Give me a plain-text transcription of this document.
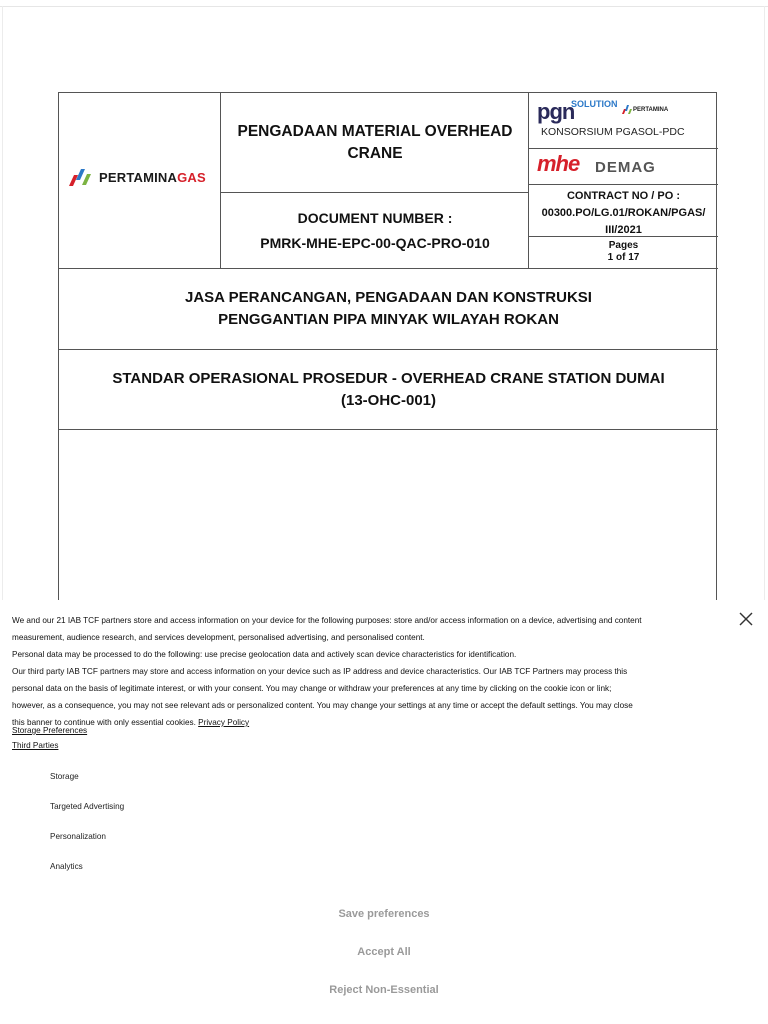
PERTAMINAGAS
PENGADAAN MATERIAL OVERHEAD CRANE
DOCUMENT NUMBER :
PMRK-MHE-EPC-00-QAC-PRO-010
pgn
SOLUTION
PERTAMINA
KONSORSIUM PGASOL-PDC
mhe DEMAG
CONTRACT NO / PO :
00300.PO/LG.01/ROKAN/PGAS/
III/2021
Pages
1 of 17
JASA PERANCANGAN, PENGADAAN DAN KONSTRUKSI
PENGGANTIAN PIPA MINYAK WILAYAH ROKAN
STANDAR OPERASIONAL PROSEDUR - OVERHEAD CRANE STATION DUMAI
(13-OHC-001)
We and our 21 IAB TCF partners store and access information on your device for the following purposes: store and/or access information on a device, advertising and content
measurement, audience research, and services development, personalised advertising, and personalised content.
Personal data may be processed to do the following: use precise geolocation data and actively scan device characteristics for identification.
Our third party IAB TCF partners may store and access information on your device such as IP address and device characteristics. Our IAB TCF Partners may process this
personal data on the basis of legitimate interest, or with your consent. You may change or withdraw your preferences at any time by clicking on the cookie icon or link;
however, as a consequence, you may not see relevant ads or personalized content. You may change your settings at any time or accept the default settings. You may close
this banner to continue with only essential cookies. Privacy Policy
Storage Preferences
Third Parties
Storage
Targeted Advertising
Personalization
Analytics
Save preferences
Accept All
Reject Non-Essential
